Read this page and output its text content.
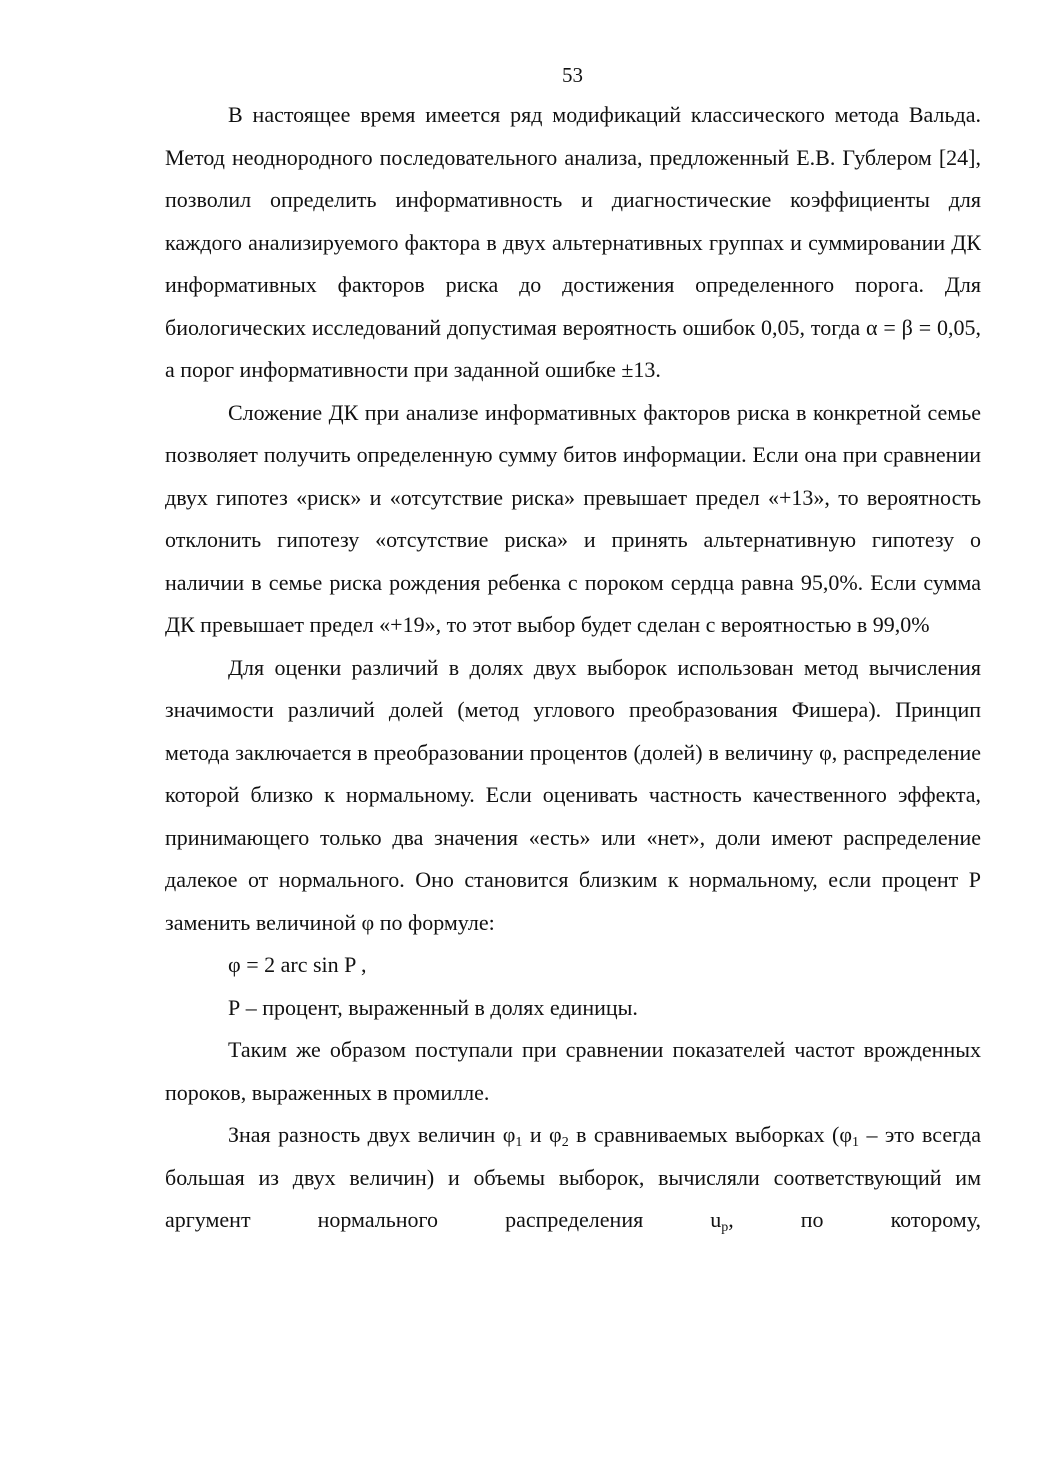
53

В настоящее время имеется ряд модификаций классического метода Вальда. Метод неоднородного последовательного анализа, предложенный Е.В. Гублером [24], позволил определить информативность и диагностические коэффициенты для каждого анализируемого фактора в двух альтернативных группах и суммировании ДК информативных факторов риска до достижения определенного порога. Для биологических исследований допустимая вероятность ошибок 0,05, тогда α = β = 0,05, а порог информативности при заданной ошибке ±13.

Сложение ДК при анализе информативных факторов риска в конкретной семье позволяет получить определенную сумму битов информации. Если она при сравнении двух гипотез «риск» и «отсутствие риска» превышает предел «+13», то вероятность отклонить гипотезу «отсутствие риска» и принять альтернативную гипотезу о наличии в семье риска рождения ребенка с пороком сердца равна 95,0%. Если сумма ДК превышает предел «+19», то этот выбор будет сделан с вероятностью в 99,0%

Для оценки различий в долях двух выборок использован метод вычисления значимости различий долей (метод углового преобразования Фишера). Принцип метода заключается в преобразовании процентов (долей) в величину φ, распределение которой близко к нормальному. Если оценивать частность качественного эффекта, принимающего только два значения «есть» или «нет», доли имеют распределение далекое от нормального. Оно становится близким к нормальному, если процент Р заменить величиной φ по формуле:

φ = 2 arc sin P ,

Р – процент, выраженный в долях единицы.

Таким же образом поступали при сравнении показателей частот врожденных пороков, выраженных в промилле.

Зная разность двух величин $\varphi_1$ и $\varphi_2$ в сравниваемых выборках ($\varphi_1$ – это всегда большая из двух величин) и объемы выборок, вычисляли соответствующий им аргумент нормального распределения $u_p$, по которому,
